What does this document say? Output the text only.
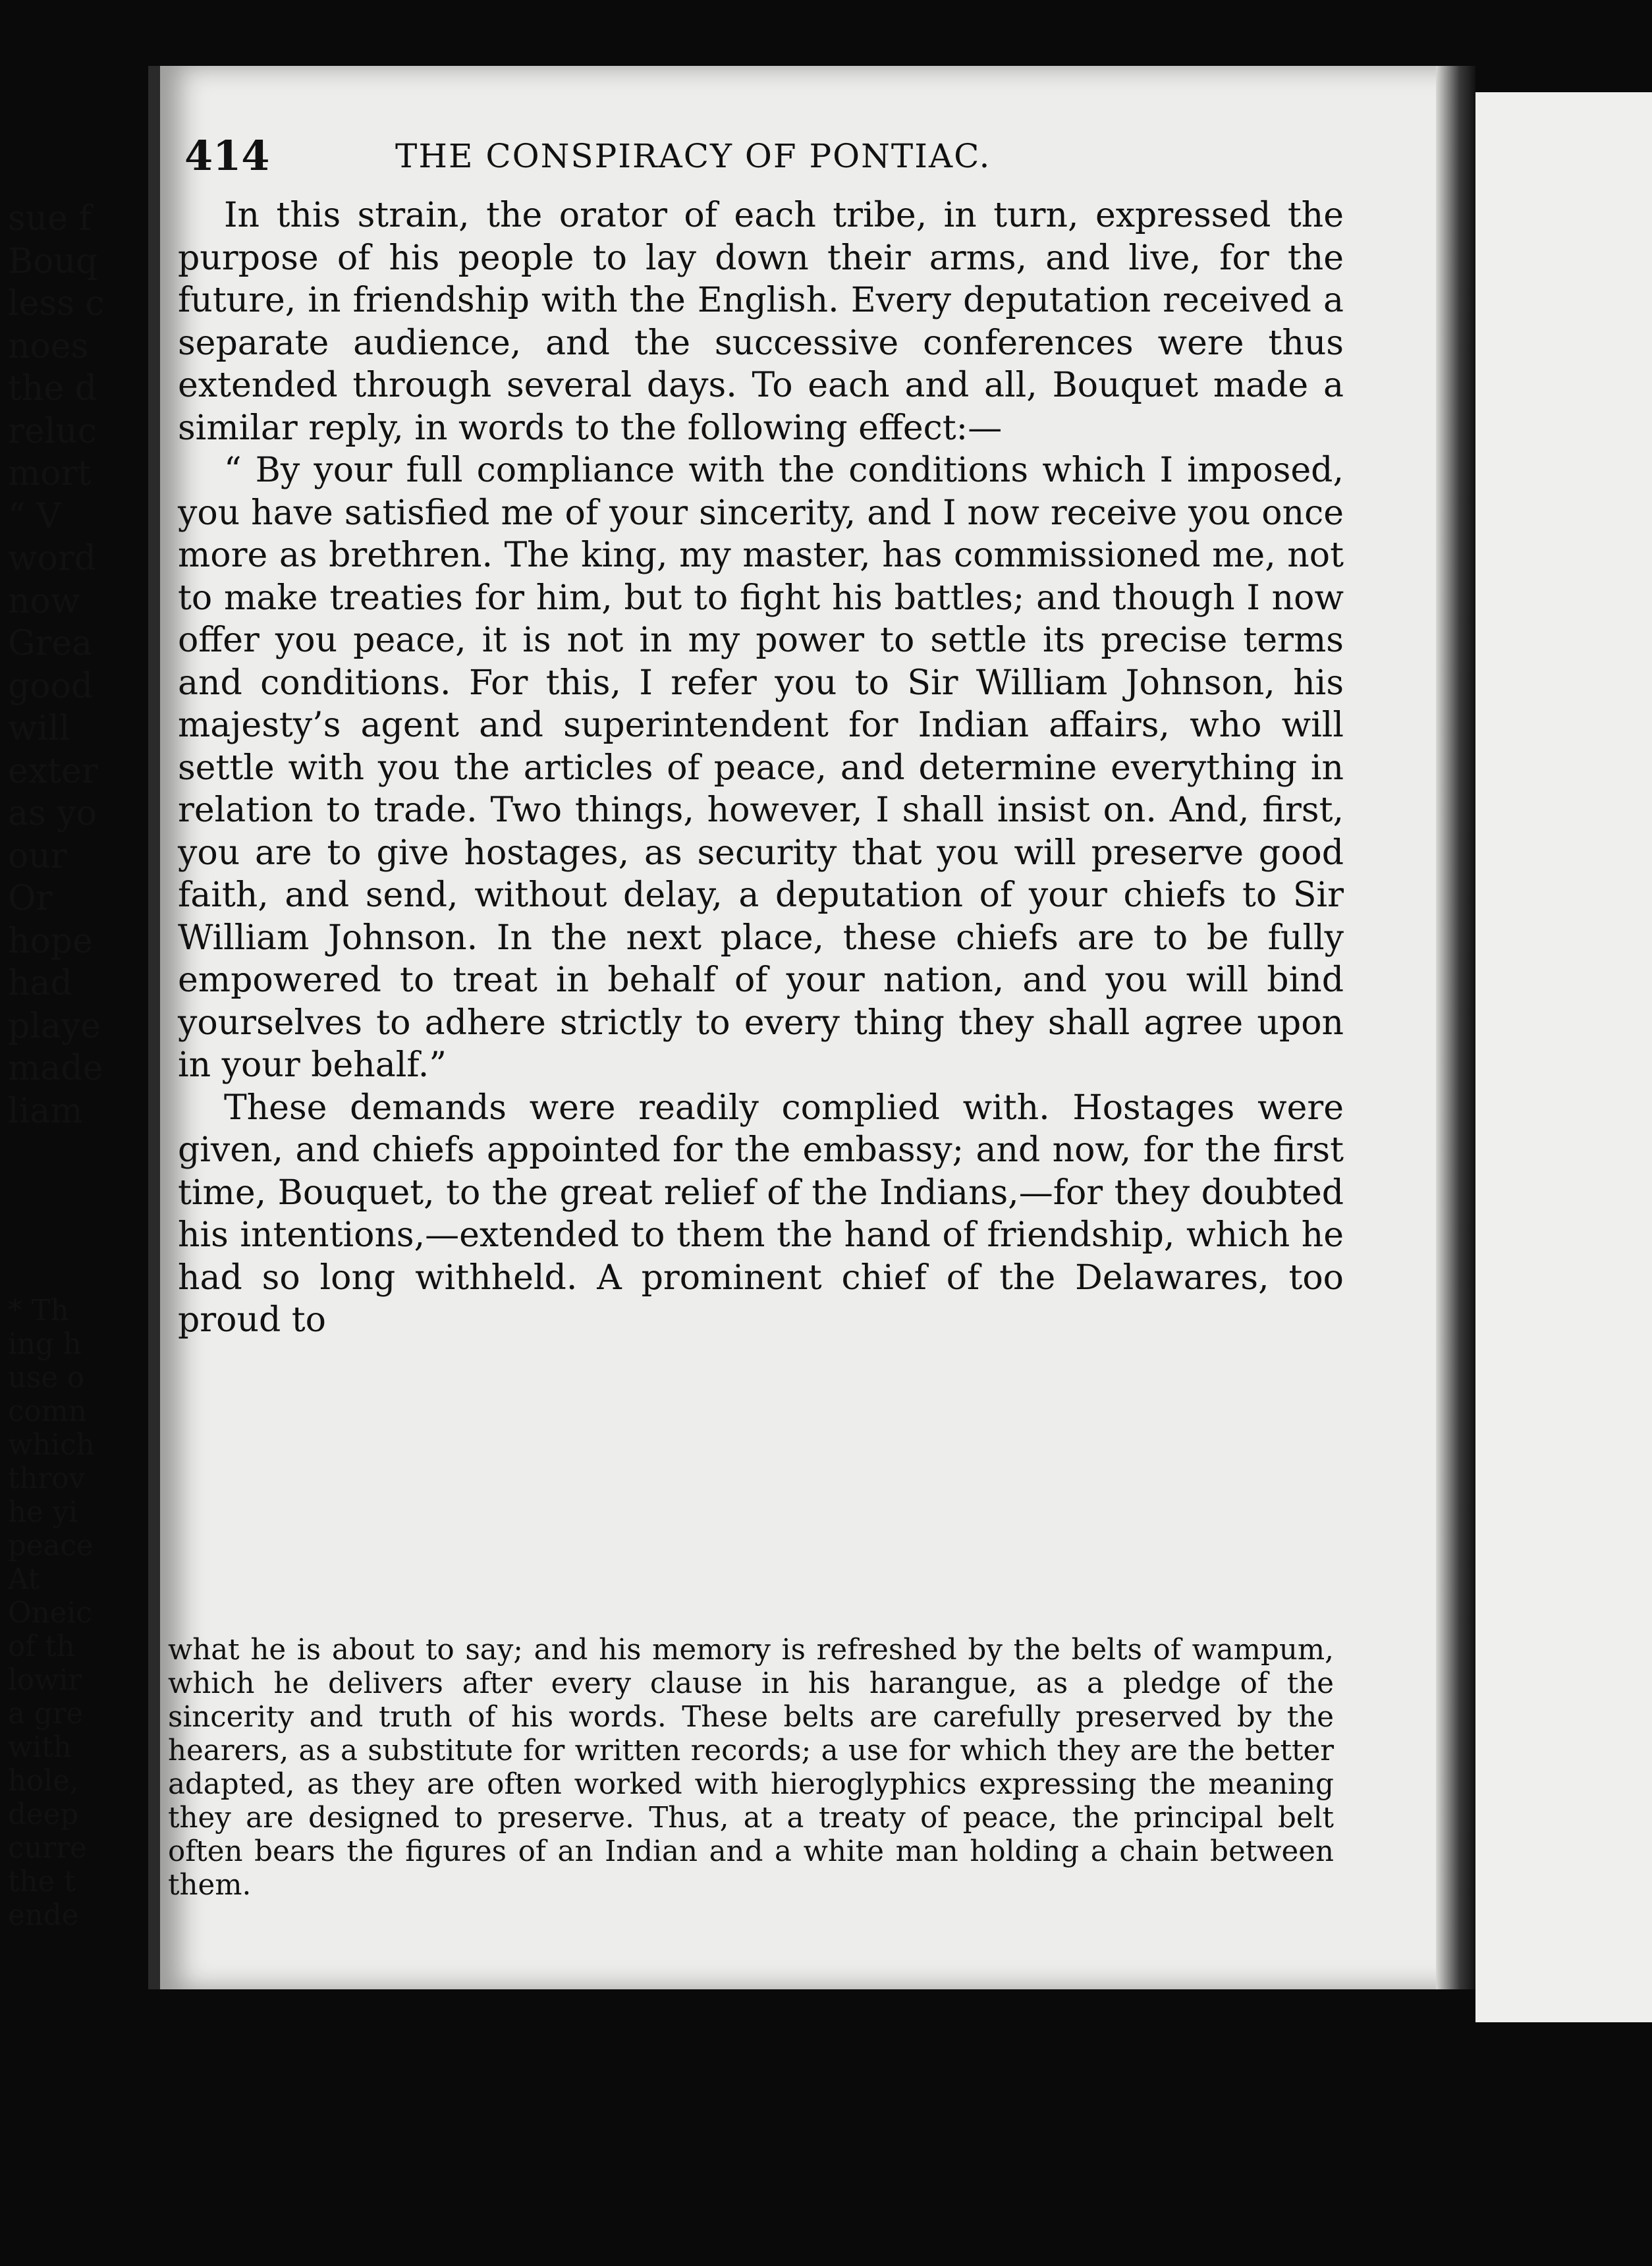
414	THE CONSPIRACY OF PONTIAC.

In this strain, the orator of each tribe, in turn, expressed the purpose of his people to lay down their arms, and live, for the future, in friendship with the English. Every deputation received a separate audience, and the successive conferences were thus extended through several days. To each and all, Bouquet made a similar reply, in words to the following effect:—

“ By your full compliance with the conditions which I imposed, you have satisfied me of your sincerity, and I now receive you once more as brethren. The king, my master, has commissioned me, not to make treaties for him, but to fight his battles; and though I now offer you peace, it is not in my power to settle its precise terms and conditions. For this, I refer you to Sir William Johnson, his majesty’s agent and superintendent for Indian affairs, who will settle with you the articles of peace, and determine everything in relation to trade. Two things, however, I shall insist on. And, first, you are to give hostages, as security that you will preserve good faith, and send, without delay, a deputation of your chiefs to Sir William Johnson. In the next place, these chiefs are to be fully empowered to treat in behalf of your nation, and you will bind yourselves to adhere strictly to every thing they shall agree upon in your behalf.”

These demands were readily complied with. Hostages were given, and chiefs appointed for the embassy; and now, for the first time, Bouquet, to the great relief of the Indians,—for they doubted his intentions,—extended to them the hand of friendship, which he had so long withheld. A prominent chief of the Delawares, too proud to

what he is about to say; and his memory is refreshed by the belts of wampum, which he delivers after every clause in his harangue, as a pledge of the sincerity and truth of his words. These belts are carefully preserved by the hearers, as a substitute for written records; a use for which they are the better adapted, as they are often worked with hieroglyphics expressing the meaning they are designed to preserve. Thus, at a treaty of peace, the principal belt often bears the figures of an Indian and a white man holding a chain between them.
sue f
Bouq
less c
noes
the d
reluc
mort
“ V
word
now
Grea
good
will
exter
as yo
our
Or
hope
had
playe
made
liam
* Th
ing h
use o
comn
which
throv
he yi
peace
At
Oneic
of th
lowir
a gre
with
hole,
deep
curre
the t
ende
